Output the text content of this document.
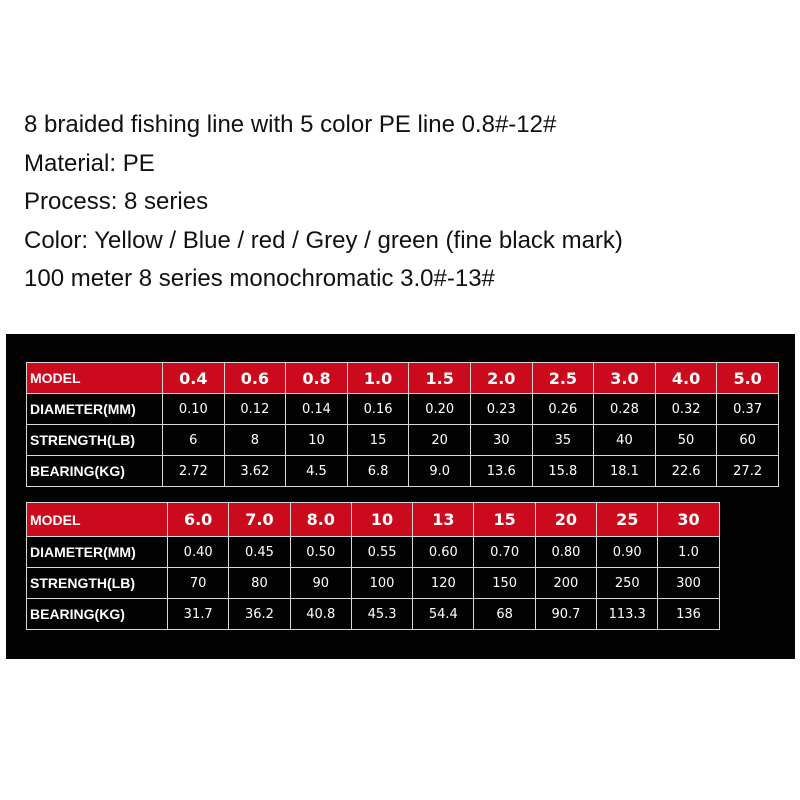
8 braided fishing line with 5 color PE line 0.8#-12#
Material: PE
Process: 8 series
Color: Yellow / Blue / red / Grey / green (fine black mark)
100 meter 8 series monochromatic 3.0#-13#
MODEL	0.4	0.6	0.8	1.0	1.5	2.0	2.5	3.0	4.0	5.0
DIAMETER(MM)	0.10	0.12	0.14	0.16	0.20	0.23	0.26	0.28	0.32	0.37
STRENGTH(LB)	6	8	10	15	20	30	35	40	50	60
BEARING(KG)	2.72	3.62	4.5	6.8	9.0	13.6	15.8	18.1	22.6	27.2
MODEL	6.0	7.0	8.0	10	13	15	20	25	30
DIAMETER(MM)	0.40	0.45	0.50	0.55	0.60	0.70	0.80	0.90	1.0
STRENGTH(LB)	70	80	90	100	120	150	200	250	300
BEARING(KG)	31.7	36.2	40.8	45.3	54.4	68	90.7	113.3	136
